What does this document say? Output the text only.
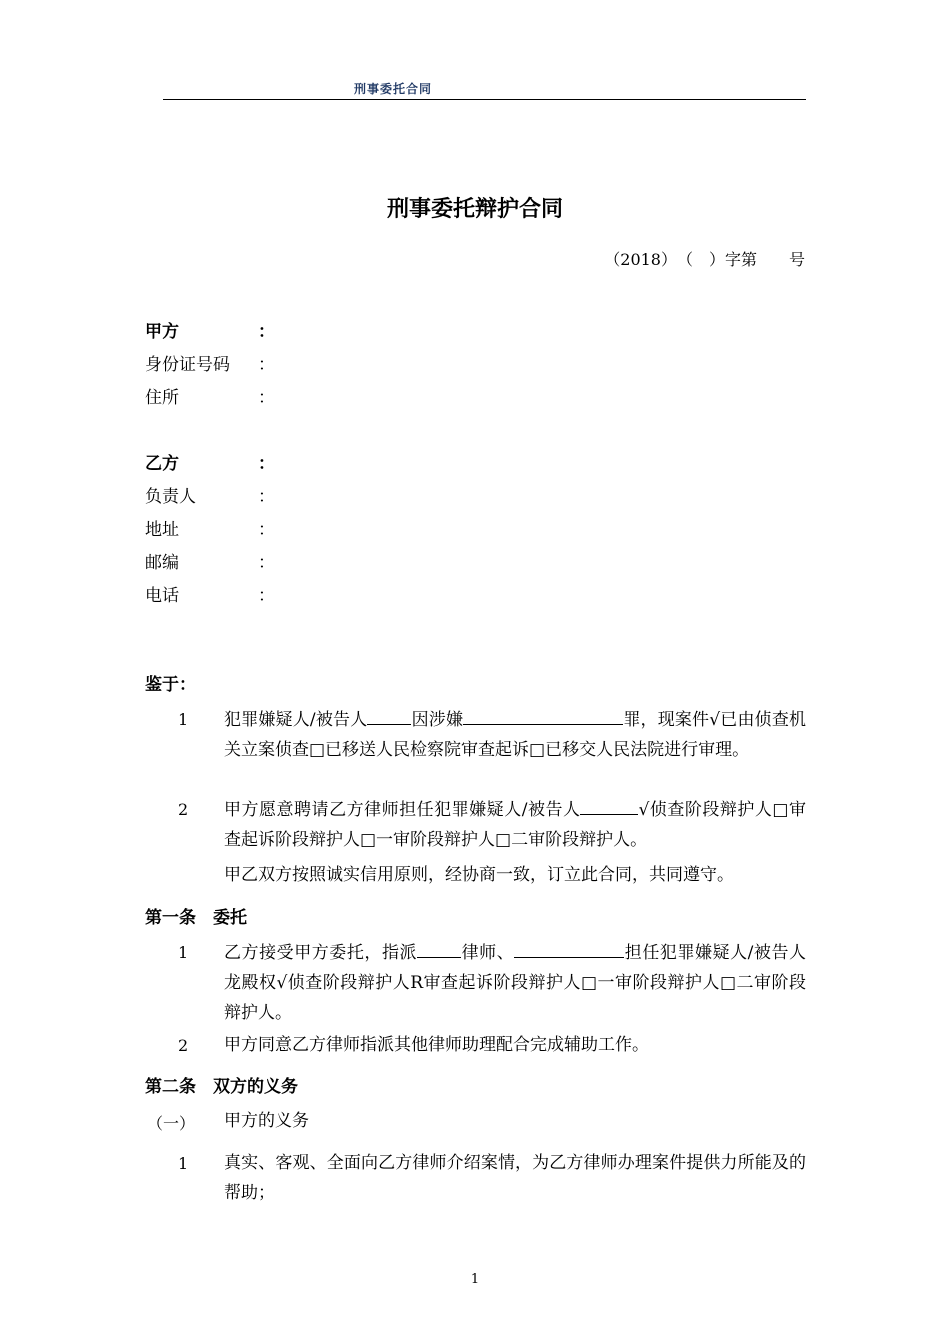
刑事委托合同
刑事委托辩护合同
（2018）　（　）字第　　号
甲方	：
身份证号码 ：
住所	：
乙方	：
负责人	：
地址	：
邮编	：
电话	：
鉴于：
1 犯罪嫌疑人/被告人	因涉嫌	罪，现案件√已由侦查机关立案侦查□已移送人民检察院审查起诉□已移交人民法院进行审理。
2 甲方愿意聘请乙方律师担任犯罪嫌疑人/被告人	√侦查阶段辩护人□审查起诉阶段辩护人□一审阶段辩护人□二审阶段辩护人。
甲乙双方按照诚实信用原则，经协商一致，订立此合同，共同遵守。
第一条　委托
1 乙方接受甲方委托，指派	律师、	担任犯罪嫌疑人/被告人龙殿权√侦查阶段辩护人R审查起诉阶段辩护人□一审阶段辩护人□二审阶段辩护人。
2 甲方同意乙方律师指派其他律师助理配合完成辅助工作。
第二条　双方的义务
（一） 甲方的义务
1 真实、客观、全面向乙方律师介绍案情，为乙方律师办理案件提供力所能及的帮助；
1
